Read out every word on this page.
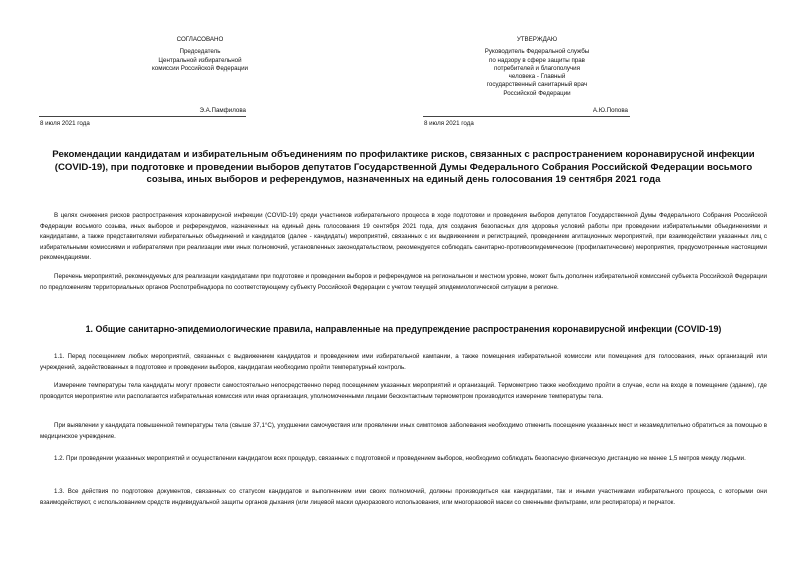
СОГЛАСОВАНО
Председатель
Центральной избирательной
комиссии Российской Федерации
УТВЕРЖДАЮ
Руководитель Федеральной службы
по надзору в сфере защиты прав
потребителей и благополучия
человека - Главный
государственный санитарный врач
Российской Федерации
Э.А.Памфилова
8 июля 2021 года
А.Ю.Попова
8 июля 2021 года
Рекомендации кандидатам и избирательным объединениям по профилактике рисков, связанных с распространением коронавирусной инфекции (COVID-19), при подготовке и проведении выборов депутатов Государственной Думы Федерального Собрания Российской Федерации восьмого созыва, иных выборов и референдумов, назначенных на единый день голосования 19 сентября 2021 года

В целях снижения рисков распространения коронавирусной инфекции (COVID-19) среди участников избирательного процесса в ходе подготовки и проведения выборов депутатов Государственной Думы Федерального Собрания Российской Федерации восьмого созыва, иных выборов и референдумов, назначенных на единый день голосования 19 сентября 2021 года, для создания безопасных для здоровья условий работы при проведении избирательными объединениями и кандидатами, а также представителями избирательных объединений и кандидатов (далее - кандидаты) мероприятий, связанных с их выдвижением и регистрацией, проведением агитационных мероприятий, при взаимодействии указанных лиц с избирательными комиссиями и избирателями при реализации ими иных полномочий, установленных законодательством, рекомендуется соблюдать санитарно-противоэпидемические (профилактические) мероприятия, предусмотренные настоящими рекомендациями.

Перечень мероприятий, рекомендуемых для реализации кандидатами при подготовке и проведении выборов и референдумов на региональном и местном уровне, может быть дополнен избирательной комиссией субъекта Российской Федерации по предложениям территориальных органов Роспотребнадзора по соответствующему субъекту Российской Федерации с учетом текущей эпидемиологической ситуации в регионе.

1. Общие санитарно-эпидемиологические правила, направленные на предупреждение распространения коронавирусной инфекции (COVID-19)

1.1. Перед посещением любых мероприятий, связанных с выдвижением кандидатов и проведением ими избирательной кампании, а также помещения избирательной комиссии или помещения для голосования, иных организаций или учреждений, задействованных в подготовке и проведении выборов, кандидатам необходимо пройти температурный контроль.

Измерение температуры тела кандидаты могут провести самостоятельно непосредственно перед посещением указанных мероприятий и организаций. Термометрию также необходимо пройти в случае, если на входе в помещение (здание), где проводится мероприятие или располагается избирательная комиссия или иная организация, уполномоченными лицами бесконтактным термометром производится измерение температуры тела.

При выявлении у кандидата повышенной температуры тела (свыше 37,1°С), ухудшении самочувствия или проявлении иных симптомов заболевания необходимо отменить посещение указанных мест и незамедлительно обратиться за помощью в медицинское учреждение.

1.2. При проведении указанных мероприятий и осуществлении кандидатом всех процедур, связанных с подготовкой и проведением выборов, необходимо соблюдать безопасную физическую дистанцию не менее 1,5 метров между людьми.

1.3. Все действия по подготовке документов, связанных со статусом кандидатов и выполнением ими своих полномочий, должны производиться как кандидатами, так и иными участниками избирательного процесса, с которыми они взаимодействуют, с использованием средств индивидуальной защиты органов дыхания (или лицевой маски одноразового использования, или многоразовой маски со сменными фильтрами, или респиратора) и перчаток.
